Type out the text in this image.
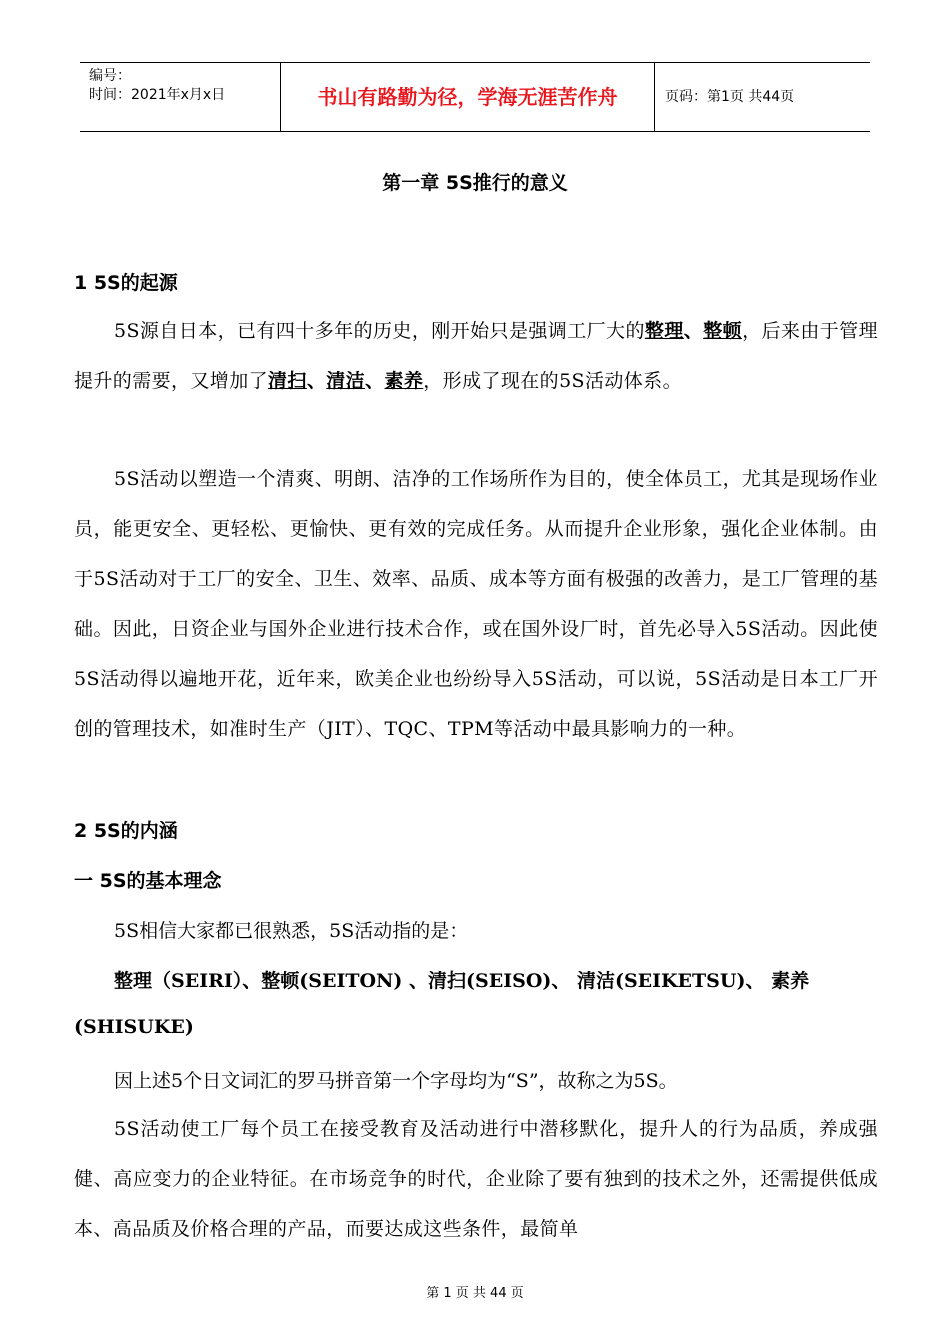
编号：
时间：2021年x月x日	书山有路勤为径，学海无涯苦作舟	页码：第1页 共44页
第一章 5S推行的意义
1 5S的起源
5S源自日本，已有四十多年的历史，刚开始只是强调工厂大的整理、整顿，后来由于管理提升的需要，又增加了清扫、清洁、素养，形成了现在的5S活动体系。
5S活动以塑造一个清爽、明朗、洁净的工作场所作为目的，使全体员工，尤其是现场作业员，能更安全、更轻松、更愉快、更有效的完成任务。从而提升企业形象，强化企业体制。由于5S活动对于工厂的安全、卫生、效率、品质、成本等方面有极强的改善力，是工厂管理的基础。因此，日资企业与国外企业进行技术合作，或在国外设厂时，首先必导入5S活动。因此使5S活动得以遍地开花，近年来，欧美企业也纷纷导入5S活动，可以说，5S活动是日本工厂开创的管理技术，如准时生产（JIT）、TQC、TPM等活动中最具影响力的一种。
2 5S的内涵
一 5S的基本理念
5S相信大家都已很熟悉，5S活动指的是：
整理（SEIRI）、整顿(SEITON) 、清扫(SEISO)、 清洁(SEIKETSU)、 素养
(SHISUKE)
因上述5个日文词汇的罗马拼音第一个字母均为“S”，故称之为5S。
5S活动使工厂每个员工在接受教育及活动进行中潜移默化，提升人的行为品质，养成强健、高应变力的企业特征。在市场竞争的时代，企业除了要有独到的技术之外，还需提供低成本、高品质及价格合理的产品，而要达成这些条件，最简单
第 1 页 共 44 页
